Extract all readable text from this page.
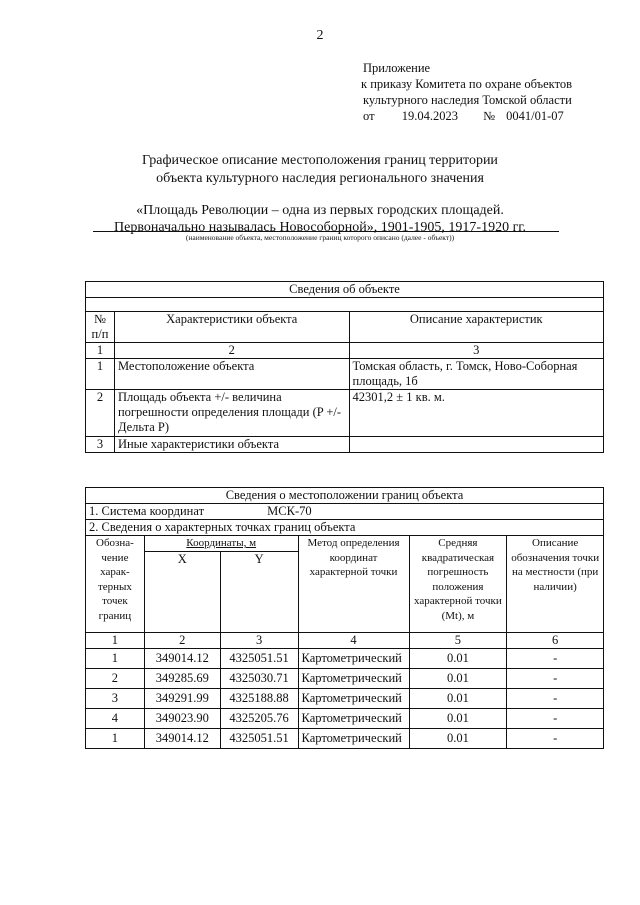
2
Приложение
к приказу Комитета по охране объектов
культурного наследия Томской области
от 19.04.2023 № 0041/01-07
Графическое описание местоположения границ территории
объекта культурного наследия регионального значения
«Площадь Революции – одна из первых городских площадей.
Первоначально называлась Новособорной», 1901-1905, 1917-1920 гг.
(наименование объекта, местоположение границ которого описано (далее - объект))
Сведения об объекте		

№ п/п	Характеристики объекта	Описание характеристик
1	2	3
1	Местоположение объекта	Томская область, г. Томск, Ново-Соборная площадь, 1б
2	Площадь объекта +/- величина погрешности определения площади (P +/- Дельта P)	42301,2 ± 1 кв. м.
3	Иные характеристики объекта	
Сведения о местоположении границ объекта					
1. Система координат МСК-70					
2. Сведения о характерных точках границ объекта					
Обозна-чение харак-терных точек границ	Координаты, м		Метод определения координат характерной точки	Средняя квадратическая погрешность положения характерной точки (Mt), м	Описание обозначения точки на местности (при наличии)
	X	Y			
1	2	3	4	5	6
1	349014.12	4325051.51	Картометрический	0.01	-
2	349285.69	4325030.71	Картометрический	0.01	-
3	349291.99	4325188.88	Картометрический	0.01	-
4	349023.90	4325205.76	Картометрический	0.01	-
1	349014.12	4325051.51	Картометрический	0.01	-
